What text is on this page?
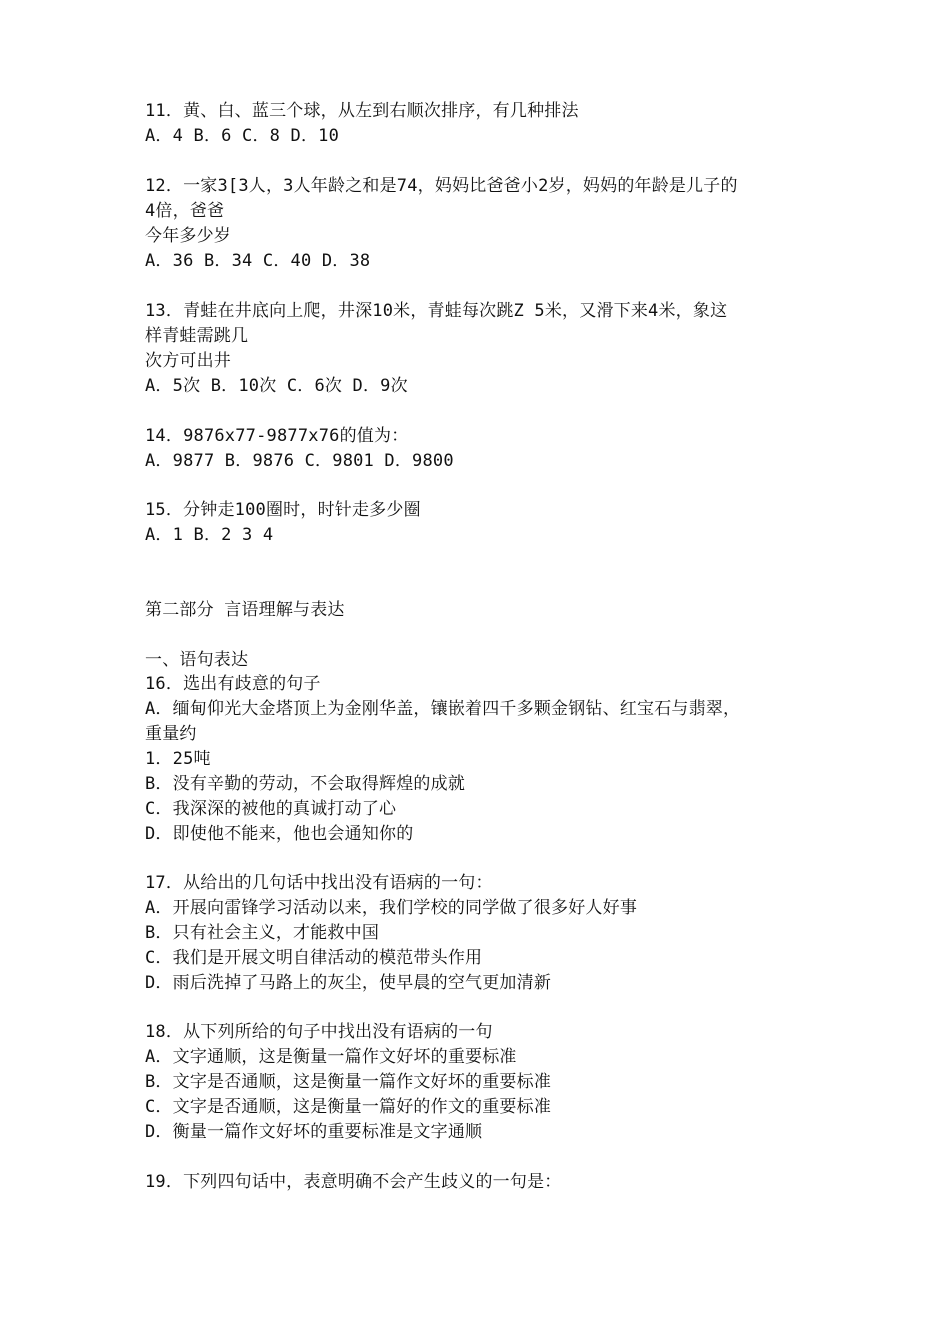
11．黄、白、蓝三个球，从左到右顺次排序，有几种排法
A．4 B．6 C．8 D．10
12．一家3[3人，3人年龄之和是74，妈妈比爸爸小2岁，妈妈的年龄是儿子的
4倍，爸爸
今年多少岁
A．36 B．34 C．40 D．38
13．青蛙在井底向上爬，井深10米，青蛙每次跳Z 5米，又滑下来4米，象这
样青蛙需跳几
次方可出井
A．5次 B．10次 C．6次 D．9次
14．9876x77-9877x76的值为：
A．9877 B．9876 C．9801 D．9800
15．分钟走100圈时，时针走多少圈
A．1 B．2 3 4
第二部分 言语理解与表达
一、语句表达
16．选出有歧意的句子
A．缅甸仰光大金塔顶上为金刚华盖，镶嵌着四千多颗金钢钻、红宝石与翡翠，
重量约
1．25吨
B．没有辛勤的劳动，不会取得辉煌的成就
C．我深深的被他的真诚打动了心
D．即使他不能来，他也会通知你的
17．从给出的几句话中找出没有语病的一句：
A．开展向雷锋学习活动以来，我们学校的同学做了很多好人好事
B．只有社会主义，才能救中国
C．我们是开展文明自律活动的模范带头作用
D．雨后洗掉了马路上的灰尘，使早晨的空气更加清新
18．从下列所给的句子中找出没有语病的一句
A．文字通顺，这是衡量一篇作文好坏的重要标准
B．文字是否通顺，这是衡量一篇作文好坏的重要标准
C．文字是否通顺，这是衡量一篇好的作文的重要标准
D．衡量一篇作文好坏的重要标准是文字通顺
19．下列四句话中，表意明确不会产生歧义的一句是：
